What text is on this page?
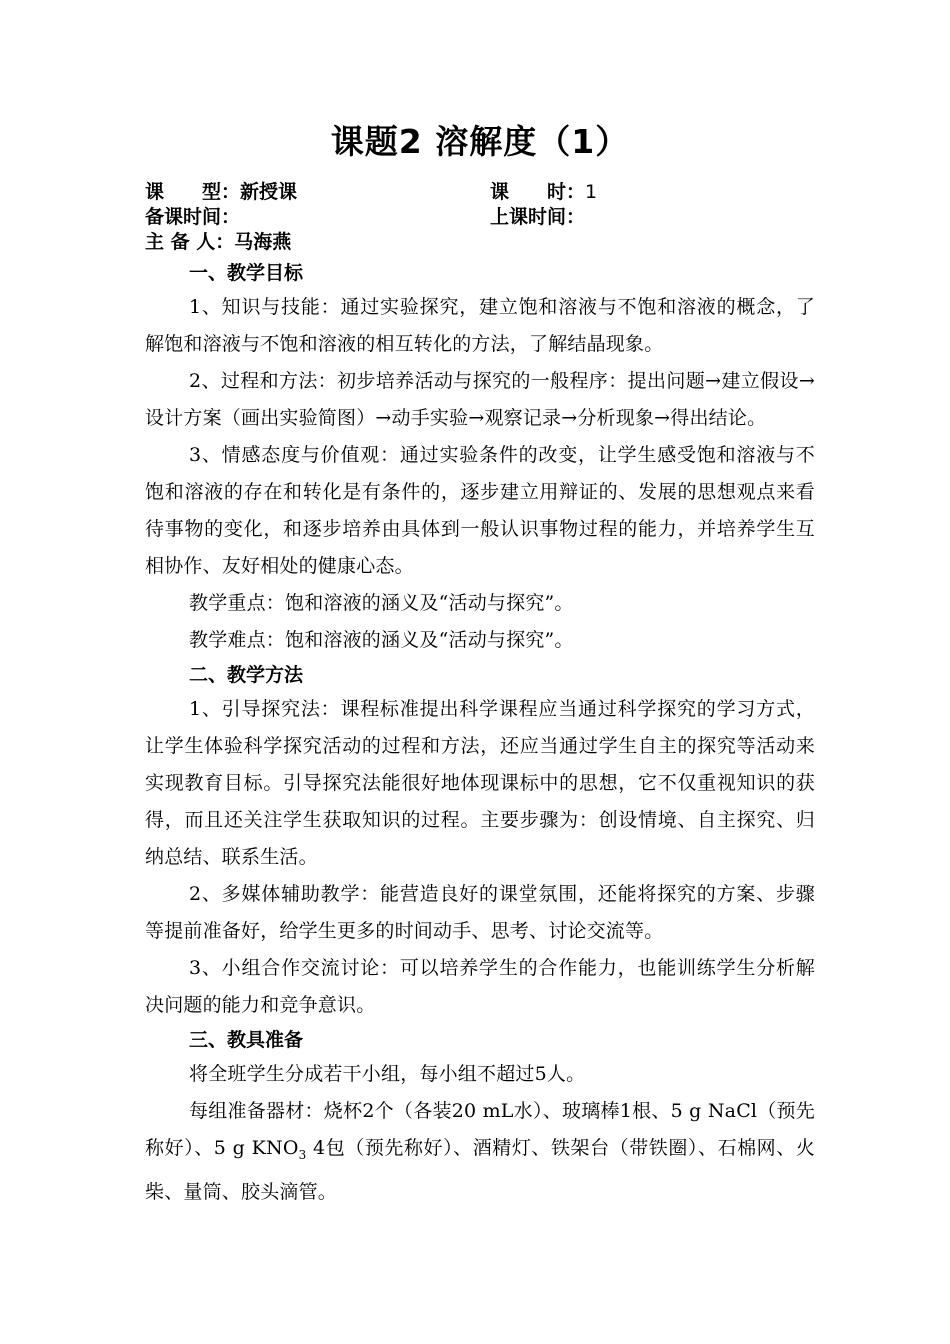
课题2 溶解度（1）
课　　型：新授课	课　　时：1
备课时间：	上课时间：
主 备 人：马海燕
一、教学目标

1、知识与技能：通过实验探究，建立饱和溶液与不饱和溶液的概念，了解饱和溶液与不饱和溶液的相互转化的方法，了解结晶现象。

2、过程和方法：初步培养活动与探究的一般程序：提出问题→建立假设→设计方案（画出实验简图）→动手实验→观察记录→分析现象→得出结论。

3、情感态度与价值观：通过实验条件的改变，让学生感受饱和溶液与不饱和溶液的存在和转化是有条件的，逐步建立用辩证的、发展的思想观点来看待事物的变化，和逐步培养由具体到一般认识事物过程的能力，并培养学生互相协作、友好相处的健康心态。

教学重点：饱和溶液的涵义及“活动与探究”。

教学难点：饱和溶液的涵义及“活动与探究”。

二、教学方法

1、引导探究法：课程标准提出科学课程应当通过科学探究的学习方式，让学生体验科学探究活动的过程和方法，还应当通过学生自主的探究等活动来实现教育目标。引导探究法能很好地体现课标中的思想，它不仅重视知识的获得，而且还关注学生获取知识的过程。主要步骤为：创设情境、自主探究、归纳总结、联系生活。

2、多媒体辅助教学：能营造良好的课堂氛围，还能将探究的方案、步骤等提前准备好，给学生更多的时间动手、思考、讨论交流等。

3、小组合作交流讨论：可以培养学生的合作能力，也能训练学生分析解决问题的能力和竞争意识。

三、教具准备

将全班学生分成若干小组，每小组不超过5人。

每组准备器材：烧杯2个（各装20 mL水）、玻璃棒1根、5 g NaCl（预先称好）、5 g $KNO_3$ 4包（预先称好）、酒精灯、铁架台（带铁圈）、石棉网、火柴、量筒、胶头滴管。
